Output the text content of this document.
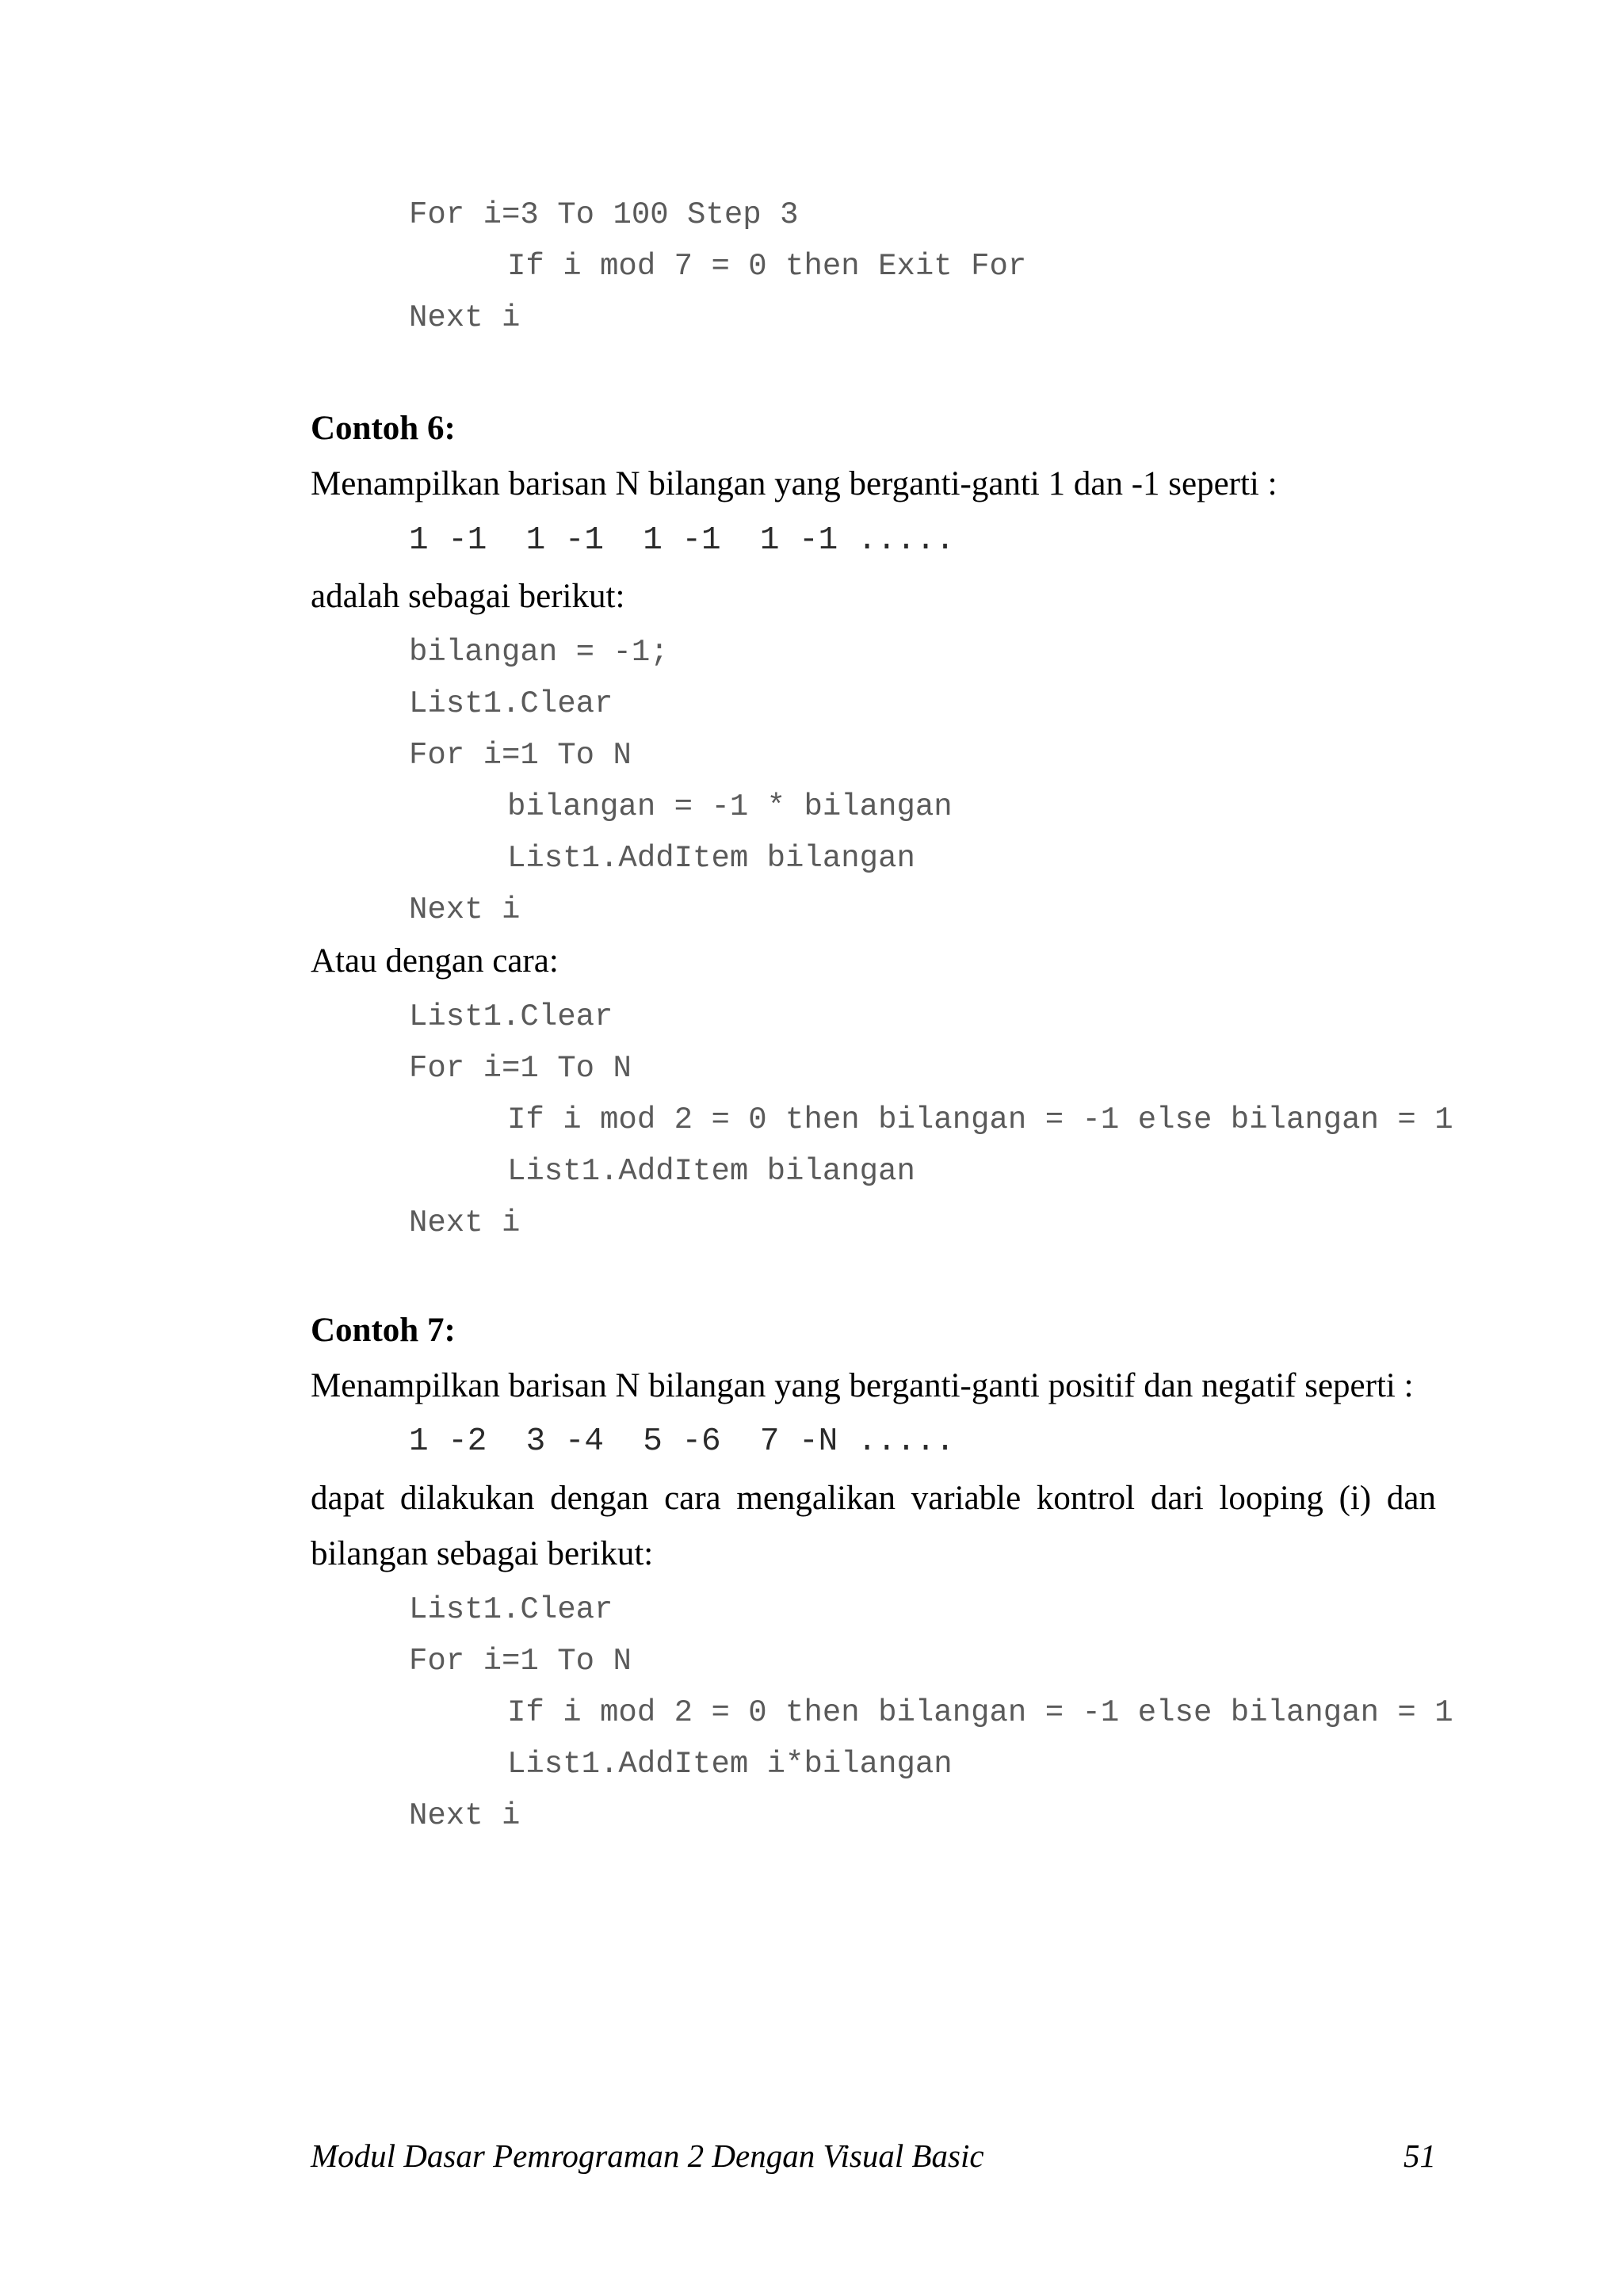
For i=3 To 100 Step 3
If i mod 7 = 0 then Exit For
Next i
Contoh 6:
Menampilkan barisan N bilangan yang berganti-ganti 1 dan -1 seperti :
1 -1  1 -1  1 -1  1 -1 .....
adalah sebagai berikut:
bilangan = -1;
List1.Clear
For i=1 To N
bilangan = -1 * bilangan
List1.AddItem bilangan
Next i
Atau dengan cara:
List1.Clear
For i=1 To N
If i mod 2 = 0 then bilangan = -1 else bilangan = 1
List1.AddItem bilangan
Next i
Contoh 7:
Menampilkan barisan N bilangan yang berganti-ganti positif dan negatif seperti :
1 -2  3 -4  5 -6  7 -N .....
dapat dilakukan dengan cara mengalikan variable kontrol dari looping (i) dan
bilangan sebagai berikut:
List1.Clear
For i=1 To N
If i mod 2 = 0 then bilangan = -1 else bilangan = 1
List1.AddItem i*bilangan
Next i
Modul Dasar Pemrograman 2 Dengan Visual Basic	51
